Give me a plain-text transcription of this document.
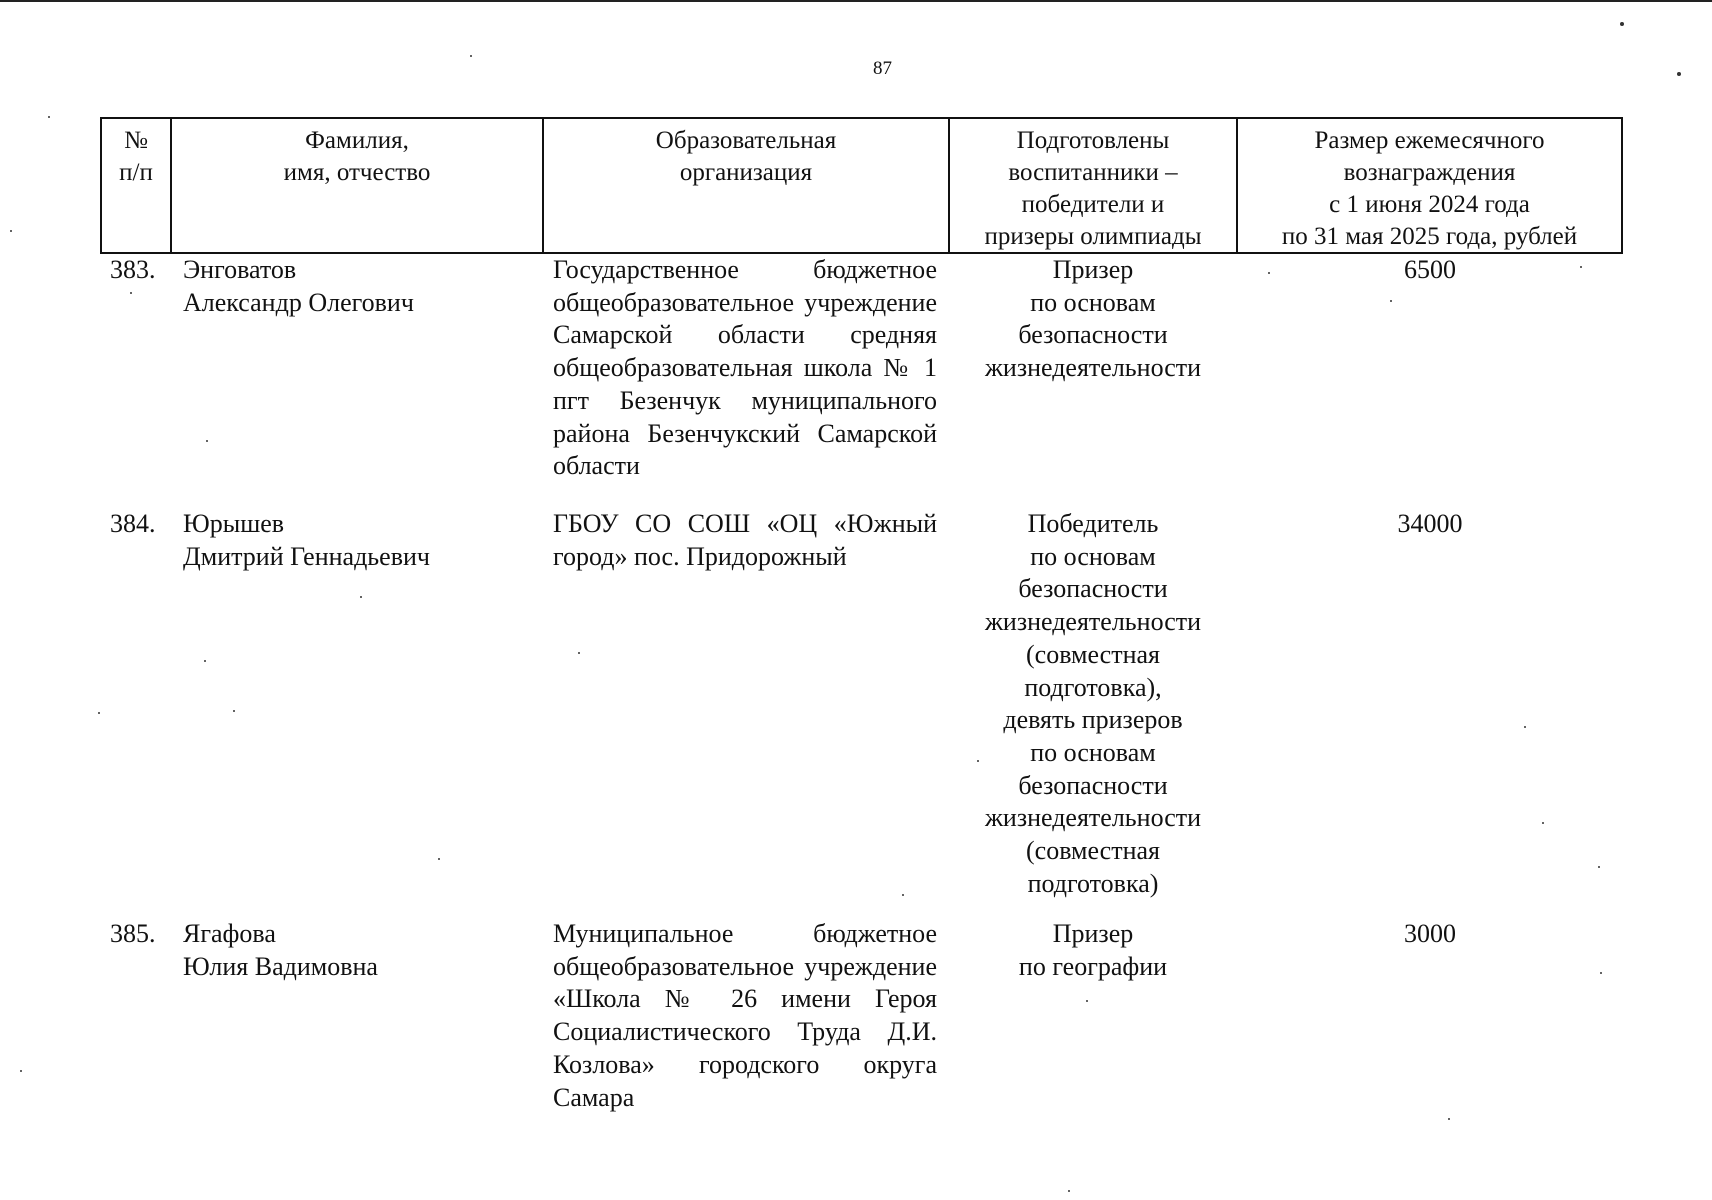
87
№
п/п
Фамилия,
имя, отчество
Образовательная
организация
Подготовлены
воспитанники –
победители и
призеры олимпиады
Размер ежемесячного
вознаграждения
с 1 июня 2024 года
по 31 мая 2025 года, рублей
383. Энговатов
Александр Олегович
Государственное бюджетное общеобразовательное учреждение Самарской области средняя общеобразовательная школа № 1 пгт Безенчук муниципального района Безенчукский Самарской области
Призер
по основам
безопасности
жизнедеятельности
6500
384. Юрышев
Дмитрий Геннадьевич
ГБОУ СО СОШ «ОЦ «Южный город» пос. Придорожный
Победитель
по основам
безопасности
жизнедеятельности
(совместная
подготовка),
девять призеров
по основам
безопасности
жизнедеятельности
(совместная
подготовка)
34000
385. Ягафова
Юлия Вадимовна
Муниципальное бюджетное общеобразовательное учреждение «Школа № 26 имени Героя Социалистического Труда Д.И. Козлова» городского округа Самара
Призер
по географии
3000
